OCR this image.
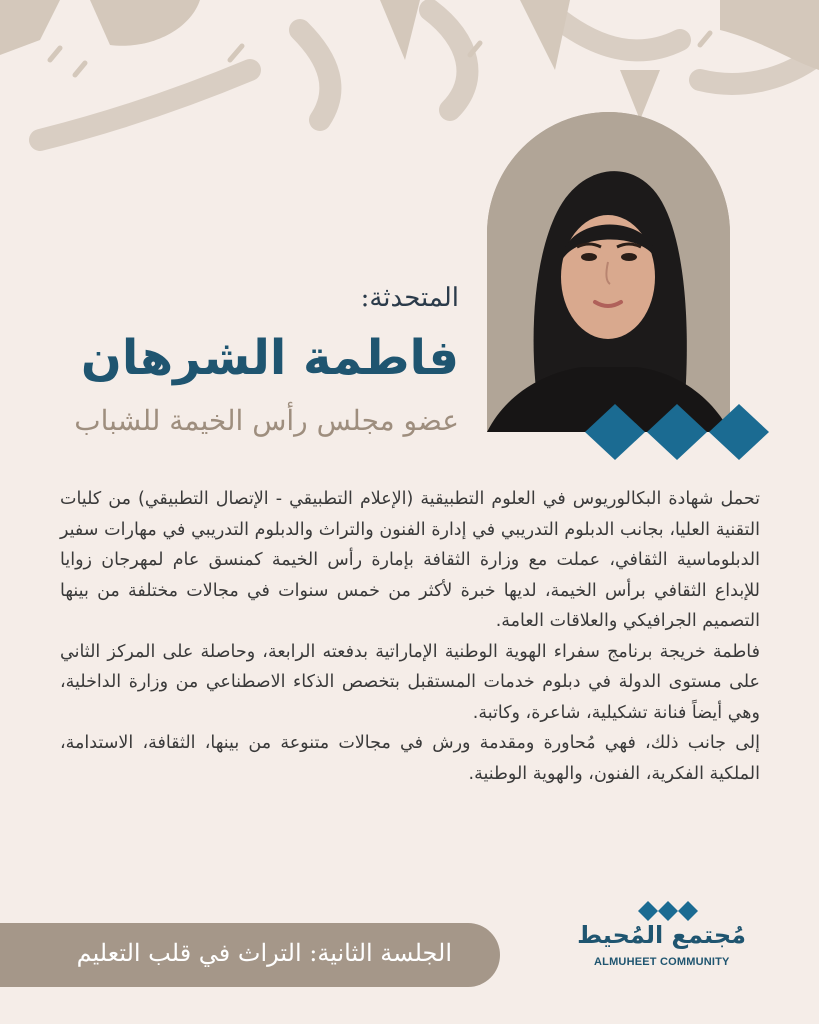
المتحدثة:
فاطمة الشرهان
عضو مجلس رأس الخيمة للشباب

تحمل شهادة البكالوريوس في العلوم التطبيقية (الإعلام التطبيقي - الإتصال التطبيقي) من كليات التقنية العليا، بجانب الدبلوم التدريبي في إدارة الفنون والتراث والدبلوم التدريبي في مهارات سفير الدبلوماسية الثقافي، عملت مع وزارة الثقافة بإمارة رأس الخيمة كمنسق عام لمهرجان زوايا للإبداع الثقافي برأس الخيمة، لديها خبرة لأكثر من خمس سنوات في مجالات مختلفة من بينها التصميم الجرافيكي والعلاقات العامة.

فاطمة خريجة برنامج سفراء الهوية الوطنية الإماراتية بدفعته الرابعة، وحاصلة على المركز الثاني على مستوى الدولة في دبلوم خدمات المستقبل بتخصص الذكاء الاصطناعي من وزارة الداخلية، وهي أيضاً فنانة تشكيلية، شاعرة، وكاتبة.

إلى جانب ذلك، فهي مُحاورة ومقدمة ورش في مجالات متنوعة من بينها، الثقافة، الاستدامة، الملكية الفكرية، الفنون، والهوية الوطنية.

الجلسة الثانية: التراث في قلب التعليم
مُجتمع المُحيط
ALMUHEET COMMUNITY
